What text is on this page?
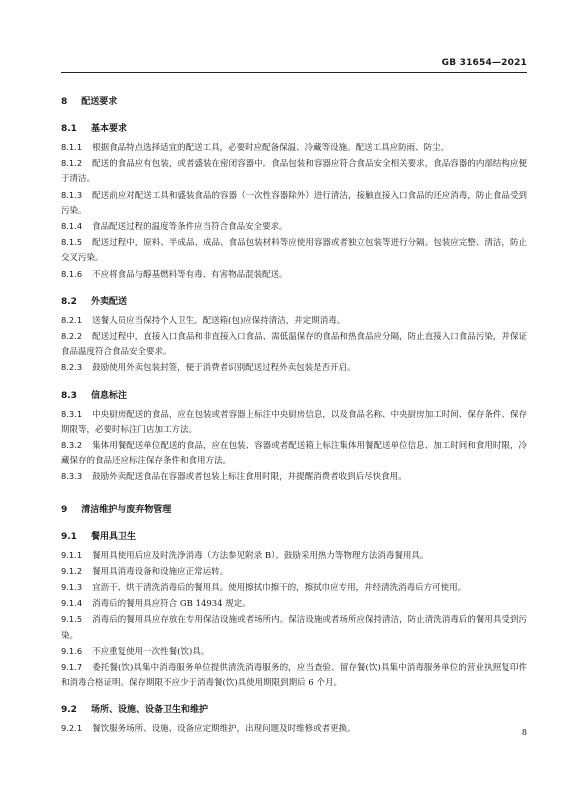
GB 31654—2021
8 配送要求
8.1 基本要求
8.1.1 根据食品特点选择适宜的配送工具，必要时应配备保温、冷藏等设施。配送工具应防雨、防尘。
8.1.2 配送的食品应有包装，或者盛装在密闭容器中。食品包装和容器应符合食品安全相关要求，食品容器的内部结构应便于清洁。
8.1.3 配送前应对配送工具和盛装食品的容器（一次性容器除外）进行清洁，接触直接入口食品的还应消毒，防止食品受到污染。
8.1.4 食品配送过程的温度等条件应当符合食品安全要求。
8.1.5 配送过程中，原料、半成品、成品、食品包装材料等应使用容器或者独立包装等进行分隔。包装应完整、清洁，防止交叉污染。
8.1.6 不应将食品与醇基燃料等有毒、有害物品混装配送。
8.2 外卖配送
8.2.1 送餐人员应当保持个人卫生。配送箱(包)应保持清洁，并定期消毒。
8.2.2 配送过程中，直接入口食品和非直接入口食品、需低温保存的食品和热食品应分隔，防止直接入口食品污染，并保证食品温度符合食品安全要求。
8.2.3 鼓励使用外卖包装封签，便于消费者识别配送过程外卖包装是否开启。
8.3 信息标注
8.3.1 中央厨房配送的食品，应在包装或者容器上标注中央厨房信息，以及食品名称、中央厨房加工时间、保存条件、保存期限等，必要时标注门店加工方法。
8.3.2 集体用餐配送单位配送的食品，应在包装、容器或者配送箱上标注集体用餐配送单位信息、加工时间和食用时限，冷藏保存的食品还应标注保存条件和食用方法。
8.3.3 鼓励外卖配送食品在容器或者包装上标注食用时限，并提醒消费者收到后尽快食用。
9 清洁维护与废弃物管理
9.1 餐用具卫生
9.1.1 餐用具使用后应及时洗净消毒（方法参见附录 B）。鼓励采用热力等物理方法消毒餐用具。
9.1.2 餐用具消毒设备和设施应正常运转。
9.1.3 宜沥干、烘干清洗消毒后的餐用具。使用擦拭巾擦干的，擦拭巾应专用，并经清洗消毒后方可使用。
9.1.4 消毒后的餐用具应符合 GB 14934 规定。
9.1.5 消毒后的餐用具应存放在专用保洁设施或者场所内。保洁设施或者场所应保持清洁，防止清洗消毒后的餐用具受到污染。
9.1.6 不应重复使用一次性餐(饮)具。
9.1.7 委托餐(饮)具集中消毒服务单位提供清洗消毒服务的，应当查验、留存餐(饮)具集中消毒服务单位的营业执照复印件和消毒合格证明。保存期限不应少于消毒餐(饮)具使用期限到期后 6 个月。
9.2 场所、设施、设备卫生和维护
9.2.1 餐饮服务场所、设施、设备应定期维护，出现问题及时维修或者更换。	8
